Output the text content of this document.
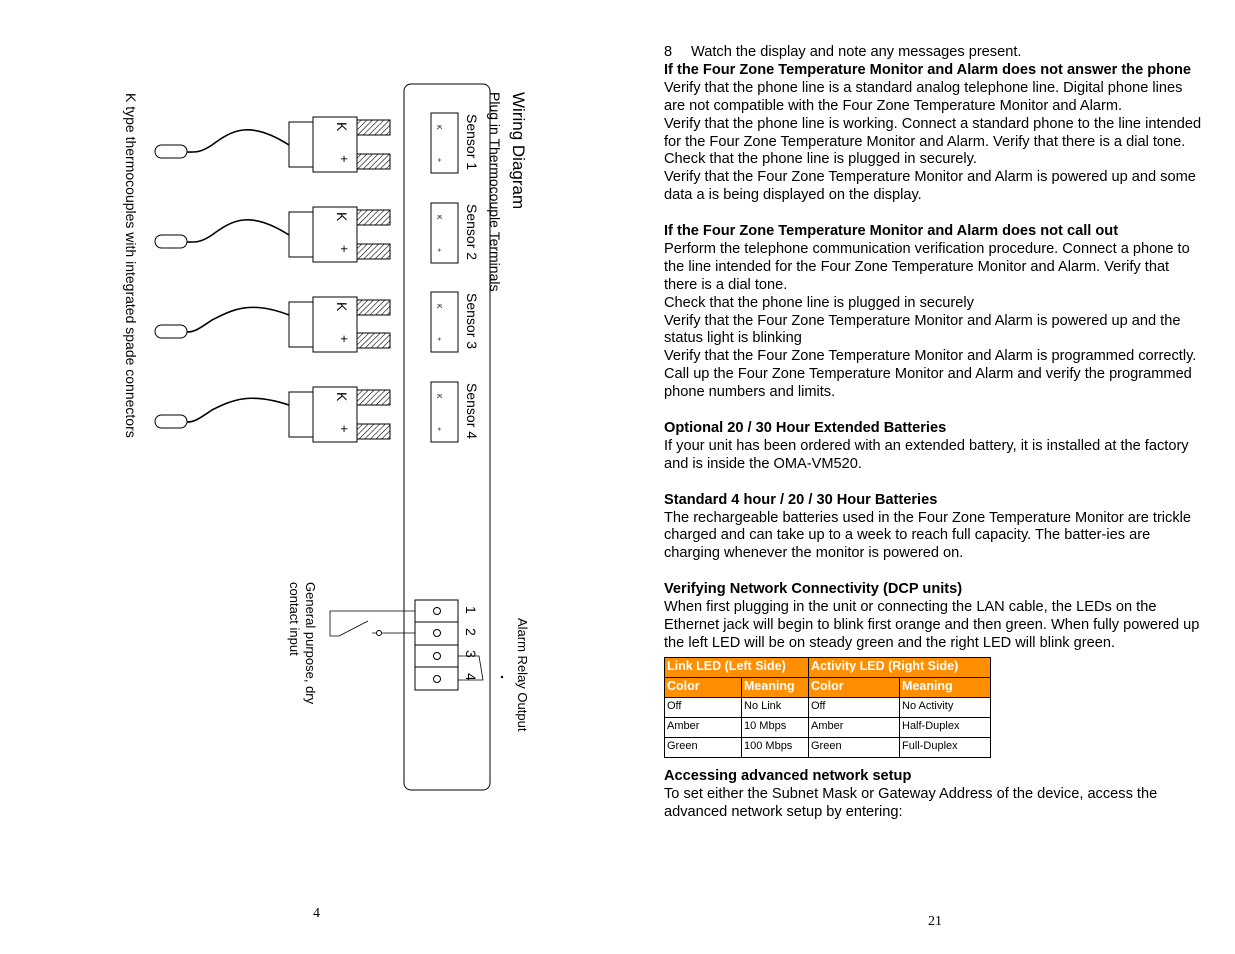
Wiring Diagram
Plug in Thermocouple Terminals
K
+ Sensor 1
K
+
K
+ Sensor 2
K
+
K
+ Sensor 3
K
+
K
+ Sensor 4
K
+
K type thermocouples with integrated spade connectors
1
2
3
4	Alarm Relay Output
General purpose, dry
contact input
4

8 Watch the display and note any messages present.

If the Four Zone Temperature Monitor and Alarm does not answer the phone

Verify that the phone line is a standard analog telephone line. Digital phone lines are not compatible with the Four Zone Temperature Monitor and Alarm.

Verify that the phone line is working. Connect a standard phone to the line intended for the Four Zone Temperature Monitor and Alarm. Verify that there is a dial tone.

Check that the phone line is plugged in securely.

Verify that the Four Zone Temperature Monitor and Alarm is powered up and some data a is being displayed on the display.

If the Four Zone Temperature Monitor and Alarm does not call out

Perform the telephone communication verification procedure. Connect a phone to the line intended for the Four Zone Temperature Monitor and Alarm. Verify that there is a dial tone.

Check that the phone line is plugged in securely

Verify that the Four Zone Temperature Monitor and Alarm is powered up and the status light is blinking

Verify that the Four Zone Temperature Monitor and Alarm is programmed correctly. Call up the Four Zone Temperature Monitor and Alarm and verify the programmed phone numbers and limits.

Optional 20 / 30 Hour Extended Batteries

If your unit has been ordered with an extended battery, it is installed at the factory and is inside the OMA-VM520.

Standard 4 hour / 20 / 30 Hour Batteries

The rechargeable batteries used in the Four Zone Temperature Monitor are trickle charged and can take up to a week to reach full capacity. The batter-ies are charging whenever the monitor is powered on.

Verifying Network Connectivity (DCP units)

When first plugging in the unit or connecting the LAN cable, the LEDs on the Ethernet jack will begin to blink first orange and then green. When fully powered up the left LED will be on steady green and the right LED will blink green.

Link LED (Left Side)		Activity LED (Right Side)	
Color	Meaning	Color	Meaning
Off	No Link	Off	No Activity
Amber	10 Mbps	Amber	Half-Duplex
Green	100 Mbps	Green	Full-Duplex

Accessing advanced network setup

To set either the Subnet Mask or Gateway Address of the device, access the advanced network setup by entering:

21
